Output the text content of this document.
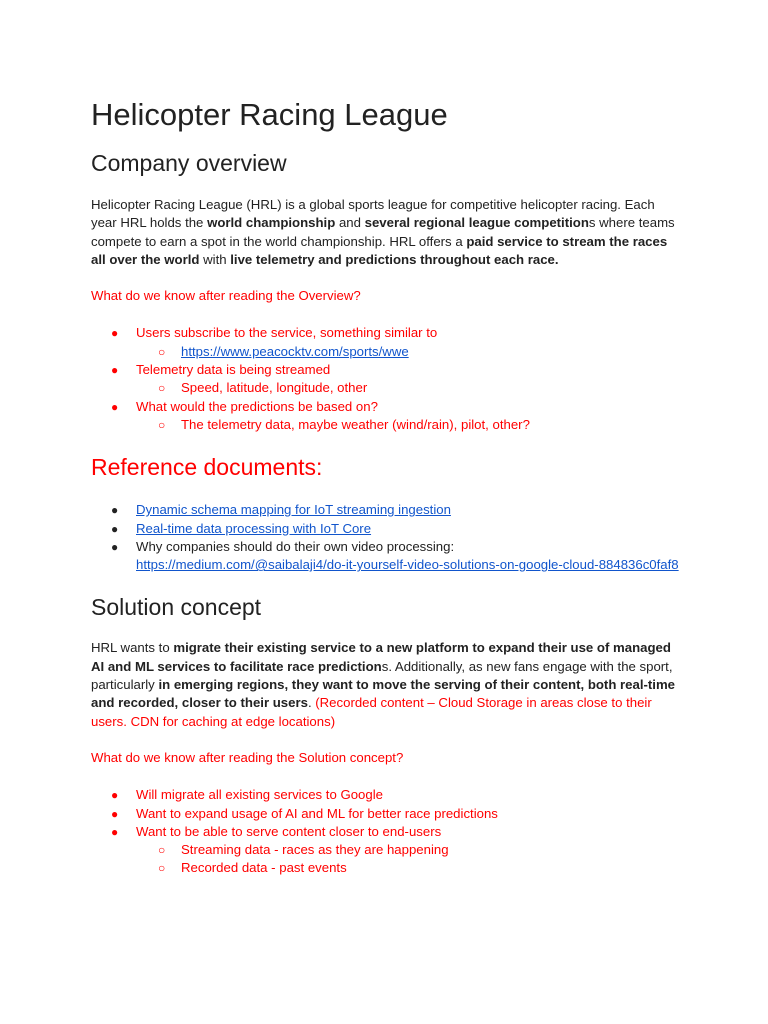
Helicopter Racing League
Company overview

Helicopter Racing League (HRL) is a global sports league for competitive helicopter racing. Each year HRL holds the world championship and several regional league competitions where teams compete to earn a spot in the world championship. HRL offers a paid service to stream the races all over the world with live telemetry and predictions throughout each race.

What do we know after reading the Overview?

● Users subscribe to the service, something similar to
○ https://www.peacocktv.com/sports/wwe
● Telemetry data is being streamed
○ Speed, latitude, longitude, other
● What would the predictions be based on?
○ The telemetry data, maybe weather (wind/rain), pilot, other?
Reference documents:
● Dynamic schema mapping for IoT streaming ingestion
● Real-time data processing with IoT Core
● Why companies should do their own video processing:
https://medium.com/@saibalaji4/do-it-yourself-video-solutions-on-google-cloud-884836c0faf8
Solution concept

HRL wants to migrate their existing service to a new platform to expand their use of managed AI and ML services to facilitate race predictions. Additionally, as new fans engage with the sport, particularly in emerging regions, they want to move the serving of their content, both real-time and recorded, closer to their users. (Recorded content – Cloud Storage in areas close to their users. CDN for caching at edge locations)

What do we know after reading the Solution concept?

● Will migrate all existing services to Google
● Want to expand usage of AI and ML for better race predictions
● Want to be able to serve content closer to end-users
○ Streaming data - races as they are happening
○ Recorded data - past events
